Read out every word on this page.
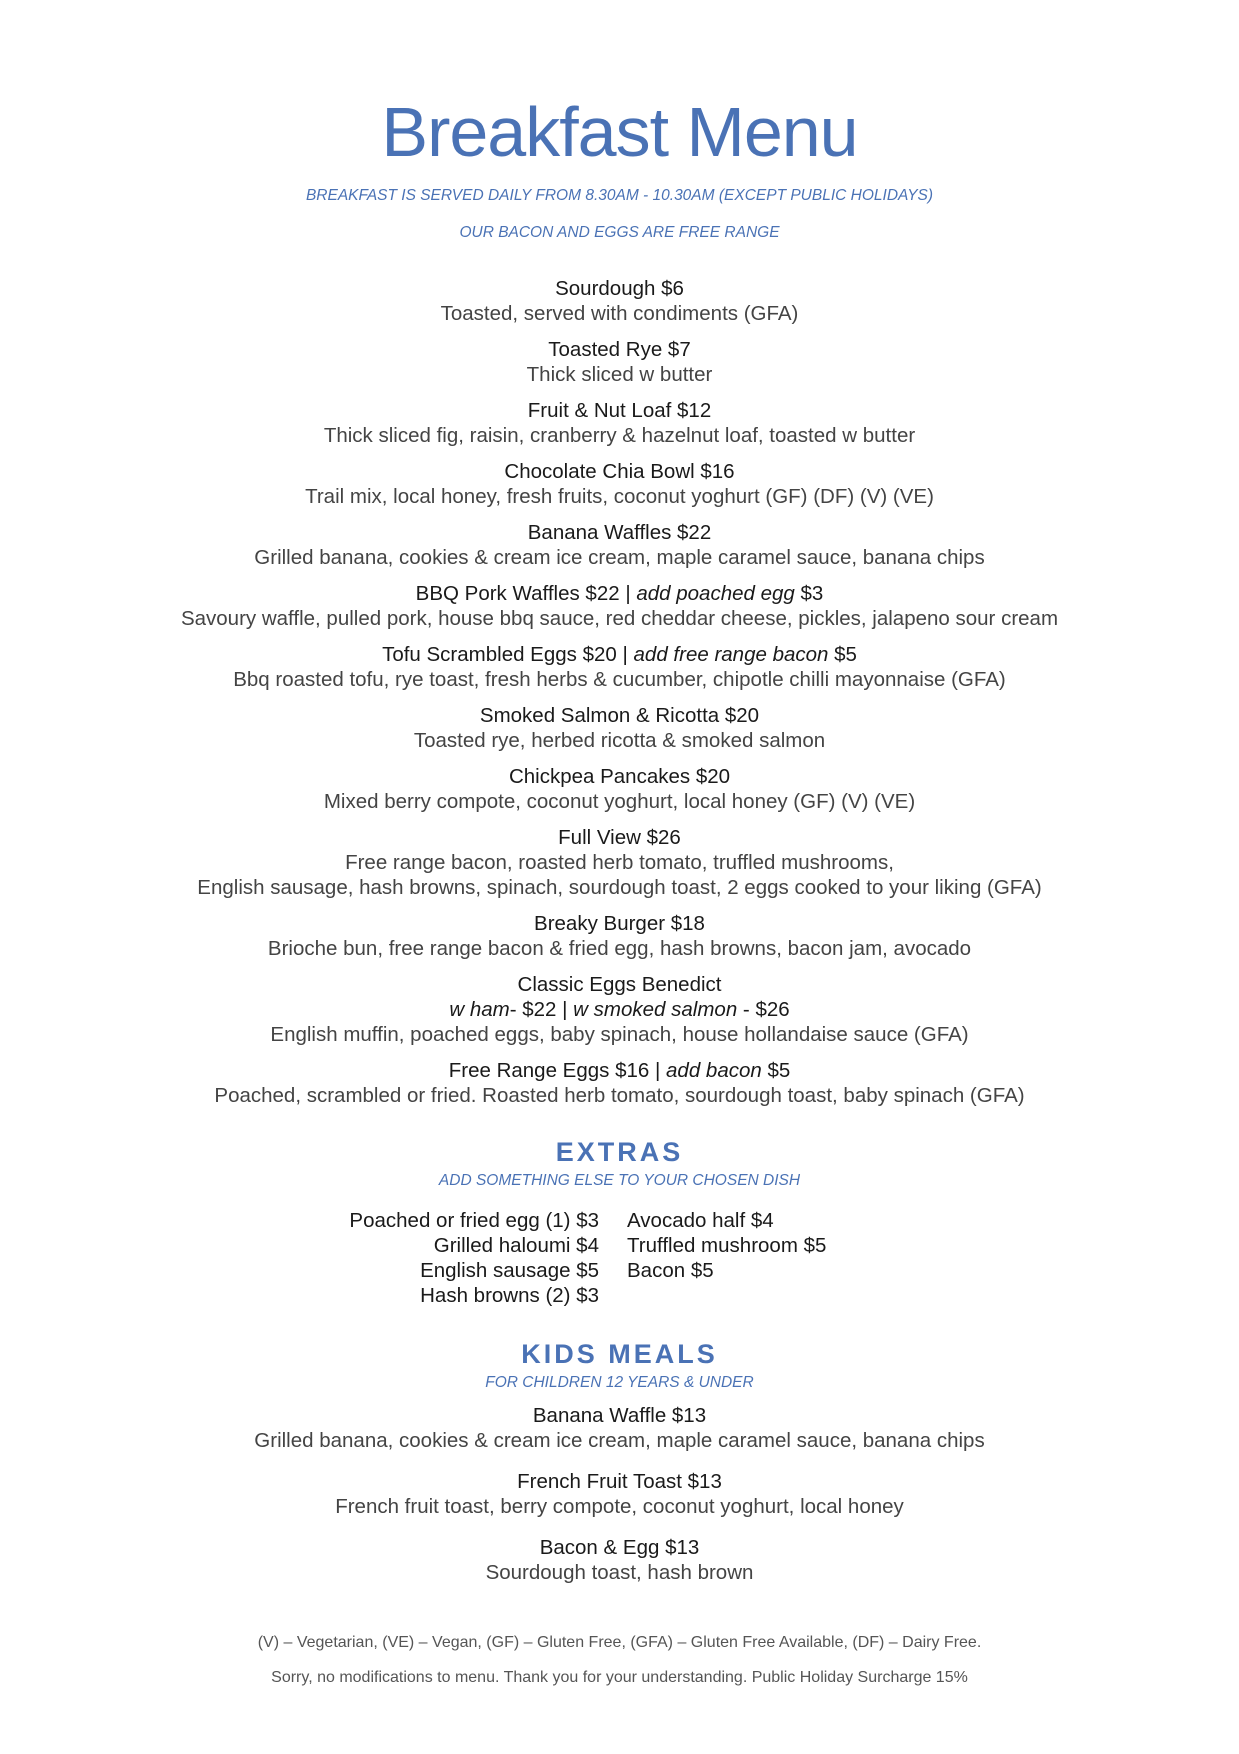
Breakfast Menu
BREAKFAST IS SERVED DAILY FROM 8.30AM - 10.30AM (EXCEPT PUBLIC HOLIDAYS)
OUR BACON AND EGGS ARE FREE RANGE
Sourdough $6
Toasted, served with condiments (GFA)
Toasted Rye $7
Thick sliced w butter
Fruit & Nut Loaf $12
Thick sliced fig, raisin, cranberry & hazelnut loaf, toasted w butter
Chocolate Chia Bowl $16
Trail mix, local honey, fresh fruits, coconut yoghurt (GF) (DF) (V) (VE)
Banana Waffles $22
Grilled banana, cookies & cream ice cream, maple caramel sauce, banana chips
BBQ Pork Waffles $22 | add poached egg $3
Savoury waffle, pulled pork, house bbq sauce, red cheddar cheese, pickles, jalapeno sour cream
Tofu Scrambled Eggs $20 | add free range bacon $5
Bbq roasted tofu, rye toast, fresh herbs & cucumber, chipotle chilli mayonnaise (GFA)
Smoked Salmon & Ricotta $20
Toasted rye, herbed ricotta & smoked salmon
Chickpea Pancakes $20
Mixed berry compote, coconut yoghurt, local honey (GF) (V) (VE)
Full View $26
Free range bacon, roasted herb tomato, truffled mushrooms,
English sausage, hash browns, spinach, sourdough toast, 2 eggs cooked to your liking (GFA)
Breaky Burger $18
Brioche bun, free range bacon & fried egg, hash browns, bacon jam, avocado
Classic Eggs Benedict
w ham- $22 | w smoked salmon - $26
English muffin, poached eggs, baby spinach, house hollandaise sauce (GFA)
Free Range Eggs $16 | add bacon $5
Poached, scrambled or fried. Roasted herb tomato, sourdough toast, baby spinach (GFA)
EXTRAS
ADD SOMETHING ELSE TO YOUR CHOSEN DISH
Poached or fried egg (1) $3
Grilled haloumi $4
English sausage $5
Hash browns (2) $3
Avocado half $4
Truffled mushroom $5
Bacon $5
KIDS MEALS
FOR CHILDREN 12 YEARS & UNDER
Banana Waffle $13
Grilled banana, cookies & cream ice cream, maple caramel sauce, banana chips
French Fruit Toast $13
French fruit toast, berry compote, coconut yoghurt, local honey
Bacon & Egg $13
Sourdough toast, hash brown
(V) – Vegetarian, (VE) – Vegan, (GF) – Gluten Free, (GFA) – Gluten Free Available, (DF) – Dairy Free.
Sorry, no modifications to menu. Thank you for your understanding. Public Holiday Surcharge 15%
